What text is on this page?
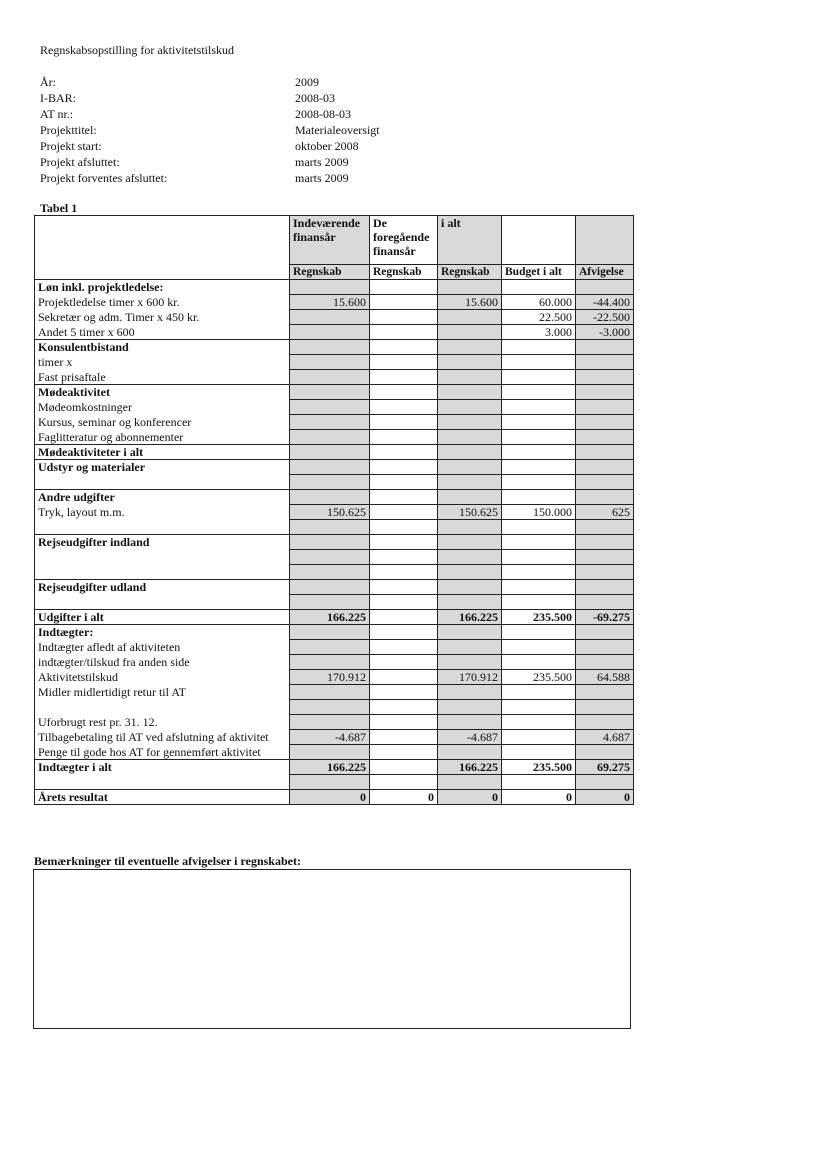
Regnskabsopstilling for aktivitetstilskud
År:	2009
I-BAR:	2008-03
AT nr.:	2008-08-03
Projekttitel:	Materialeoversigt
Projekt start:	oktober 2008
Projekt afsluttet:	marts 2009
Projekt forventes afsluttet:	marts 2009
Tabel 1
	Indeværende finansår	De foregående finansår	i alt		
	Regnskab	Regnskab	Regnskab	Budget i alt	Afvigelse
Løn inkl. projektledelse:					
Projektledelse timer x 600 kr.	15.600		15.600	60.000	-44.400
Sekretær og adm. Timer x 450 kr.				22.500	-22.500
Andet 5 timer x 600				3.000	-3.000
Konsulentbistand					
timer x					
Fast prisaftale					
Mødeaktivitet					
Mødeomkostninger					
Kursus, seminar og konferencer					
Faglitteratur og abonnementer					
Mødeaktiviteter i alt					
Udstyr og materialer					

Andre udgifter					
Tryk, layout m.m.	150.625		150.625	150.000	625

Rejseudgifter indland					

Rejseudgifter udland					

Udgifter i alt	166.225		166.225	235.500	-69.275
Indtægter:					
Indtægter afledt af aktiviteten					
indtægter/tilskud fra anden side					
Aktivitetstilskud	170.912		170.912	235.500	64.588
Midler midlertidigt retur til AT					

Uforbrugt rest pr. 31. 12.					
Tilbagebetaling til AT ved afslutning af aktivitet	-4.687		-4.687		4.687
Penge til gode hos AT for gennemført aktivitet					
Indtægter i alt	166.225		166.225	235.500	69.275

Årets resultat	0	0	0	0	0
Bemærkninger til eventuelle afvigelser i regnskabet:
